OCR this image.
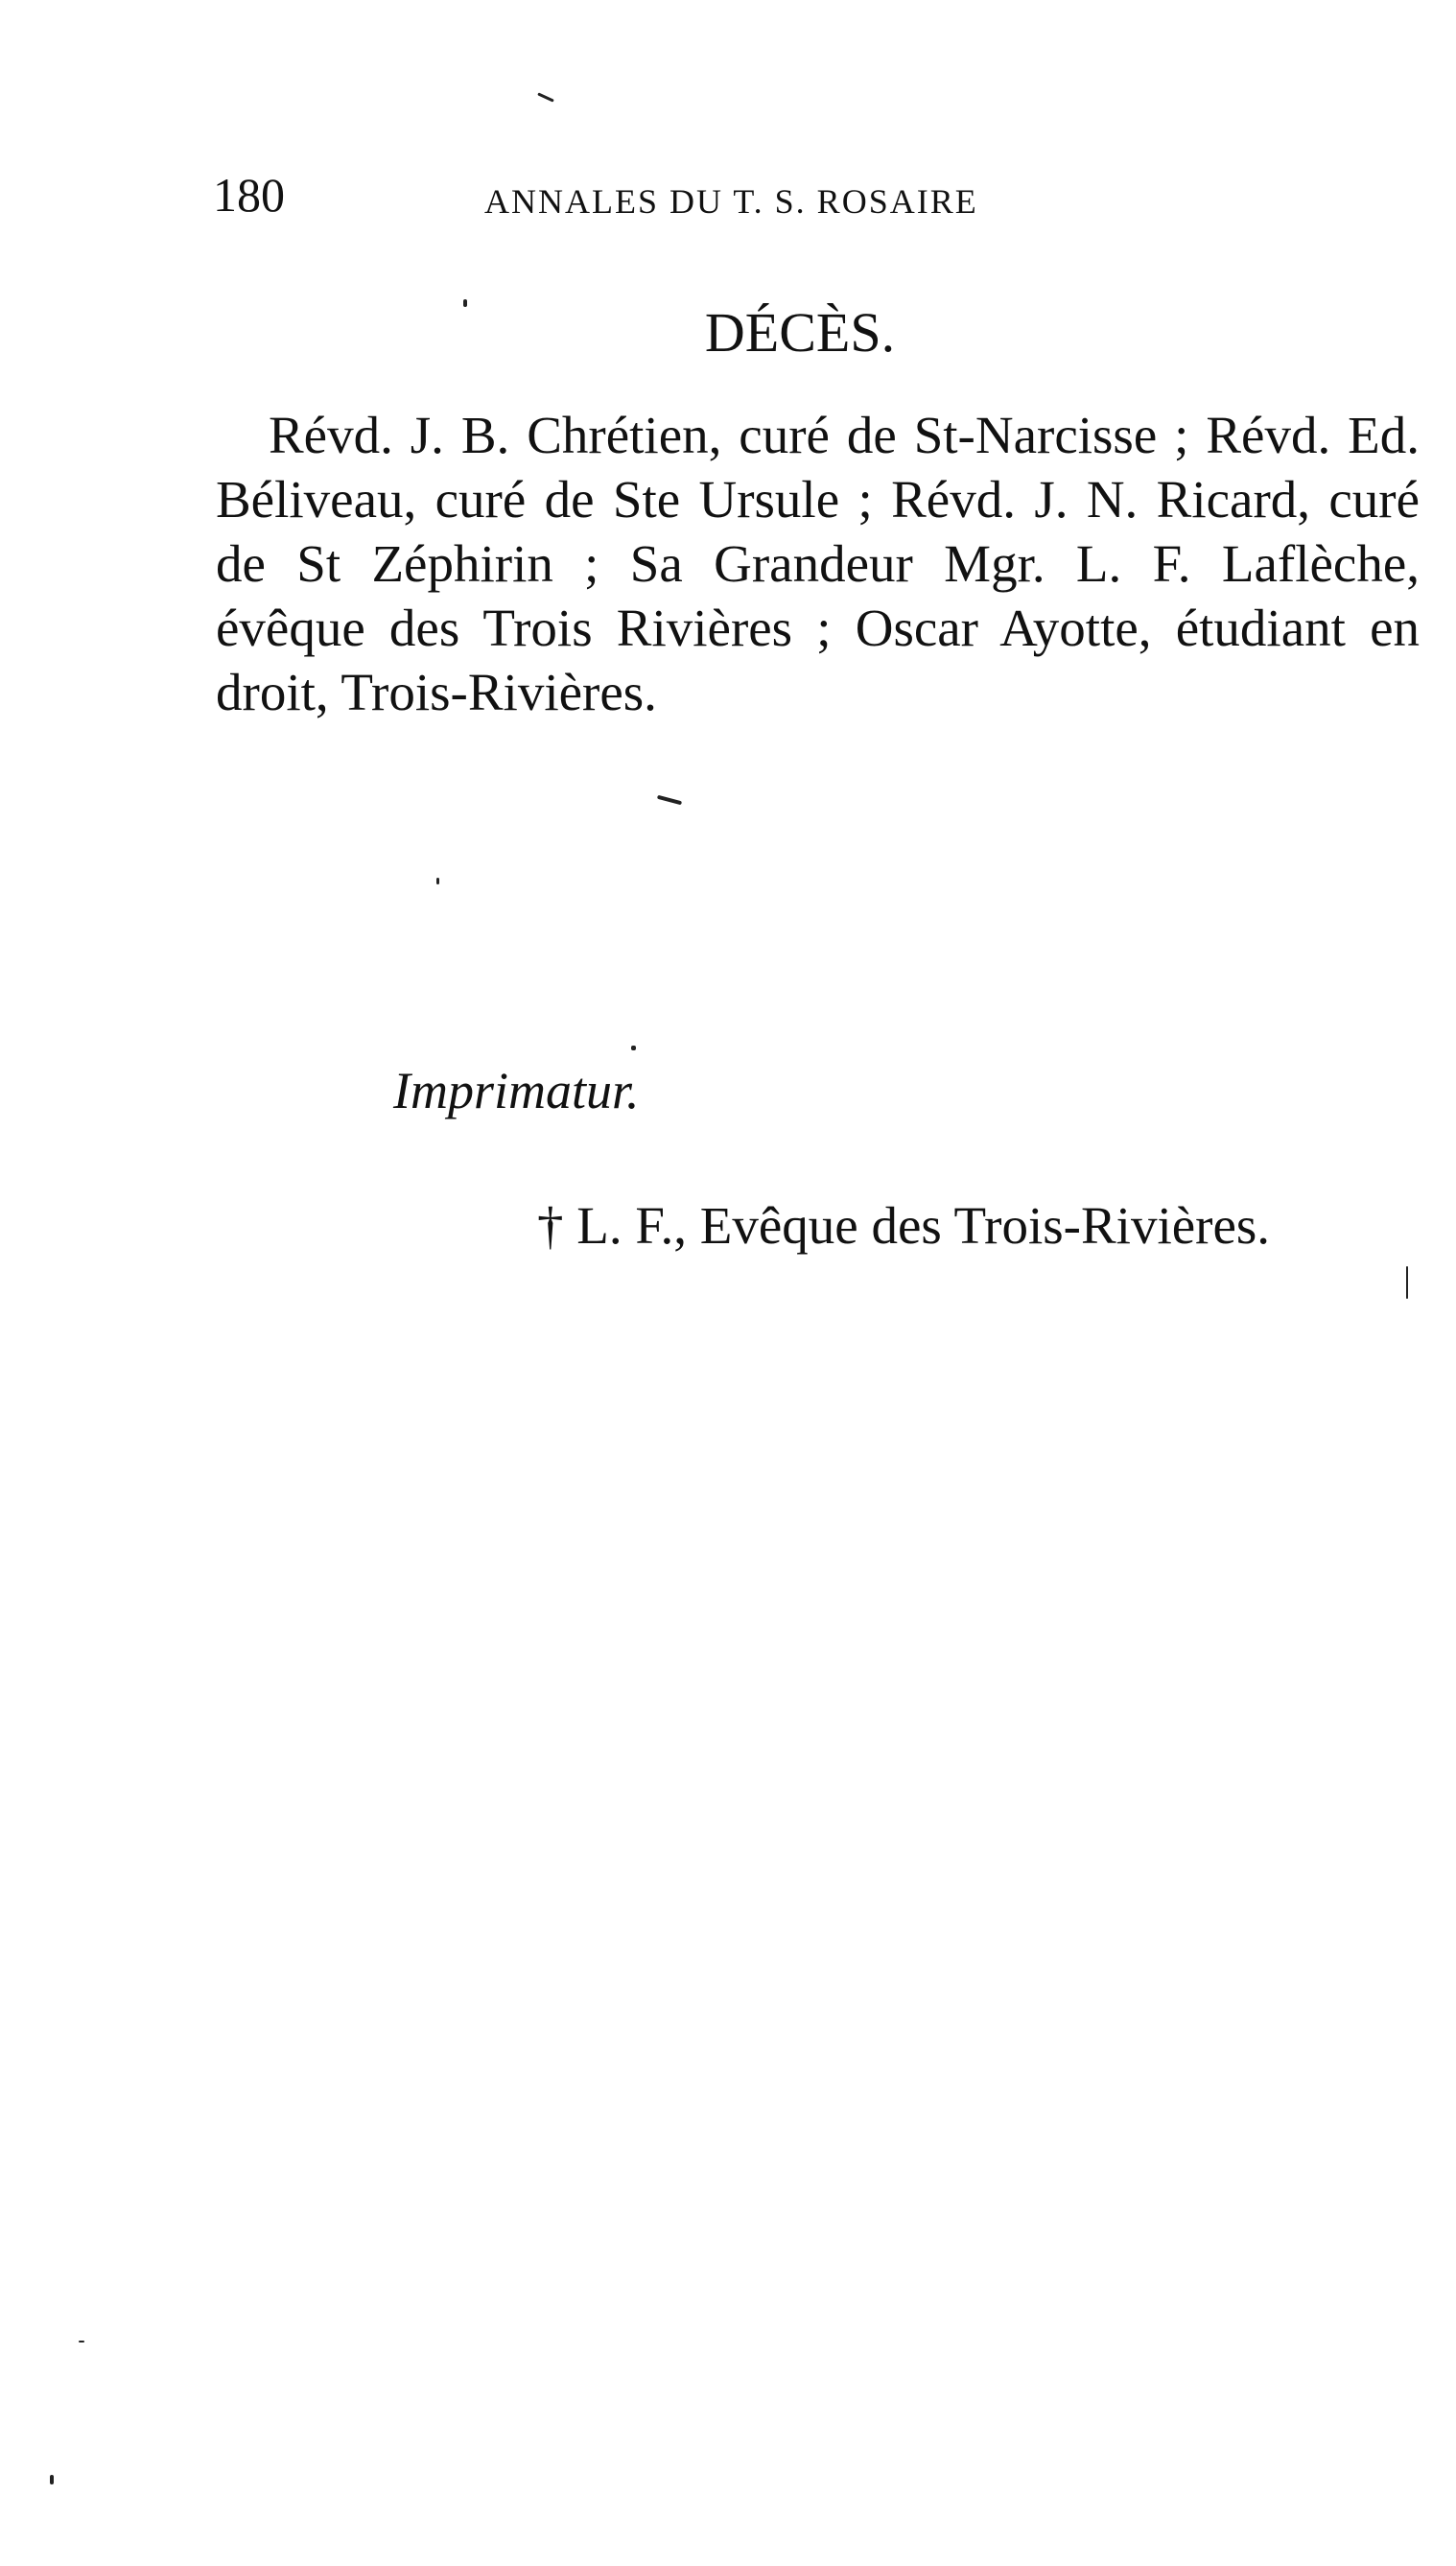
180	ANNALES DU T. S. ROSAIRE
DÉCÈS.
Révd. J. B. Chrétien, curé de St-Narcisse ; Révd. Ed. Béliveau, curé de Ste Ursule ; Révd. J. N. Ricard, curé de St Zéphirin ; Sa Grandeur Mgr. L. F. Laflèche, évêque des Trois Rivières ; Oscar Ayotte, étudiant en droit, Trois-Rivières.
Imprimatur.
† L. F., Evêque des Trois-Rivières.
